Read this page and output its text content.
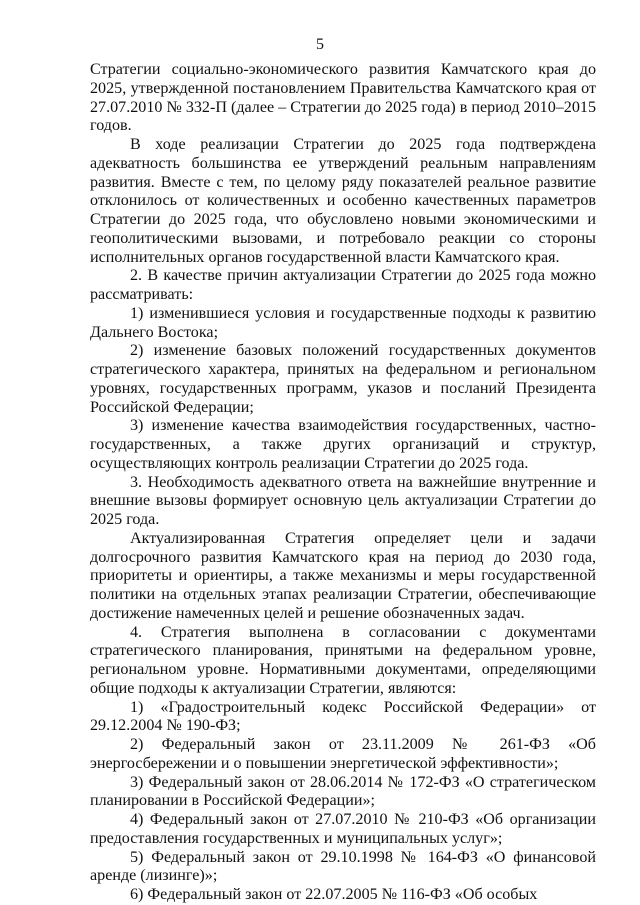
5

Стратегии социально-экономического развития Камчатского края до 2025, утвержденной постановлением Правительства Камчатского края от 27.07.2010 № 332-П (далее – Стратегии до 2025 года) в период 2010–2015 годов.

В ходе реализации Стратегии до 2025 года подтверждена адекватность большинства ее утверждений реальным направлениям развития. Вместе с тем, по целому ряду показателей реальное развитие отклонилось от количественных и особенно качественных параметров Стратегии до 2025 года, что обусловлено новыми экономическими и геополитическими вызовами, и потребовало реакции со стороны исполнительных органов государственной власти Камчатского края.

2. В качестве причин актуализации Стратегии до 2025 года можно рассматривать:

1) изменившиеся условия и государственные подходы к развитию Дальнего Востока;

2) изменение базовых положений государственных документов стратегического характера, принятых на федеральном и региональном уровнях, государственных программ, указов и посланий Президента Российской Федерации;

3) изменение качества взаимодействия государственных, частно-государственных, а также других организаций и структур, осуществляющих контроль реализации Стратегии до 2025 года.

3. Необходимость адекватного ответа на важнейшие внутренние и внешние вызовы формирует основную цель актуализации Стратегии до 2025 года.

Актуализированная Стратегия определяет цели и задачи долгосрочного развития Камчатского края на период до 2030 года, приоритеты и ориентиры, а также механизмы и меры государственной политики на отдельных этапах реализации Стратегии, обеспечивающие достижение намеченных целей и решение обозначенных задач.

4. Стратегия выполнена в согласовании с документами стратегического планирования, принятыми на федеральном уровне, региональном уровне. Нормативными документами, определяющими общие подходы к актуализации Стратегии, являются:

1) «Градостроительный кодекс Российской Федерации» от 29.12.2004 № 190-ФЗ;

2) Федеральный закон от 23.11.2009 № 261-ФЗ «Об энергосбережении и о повышении энергетической эффективности»;

3) Федеральный закон от 28.06.2014 № 172-ФЗ «О стратегическом планировании в Российской Федерации»;

4) Федеральный закон от 27.07.2010 № 210-ФЗ «Об организации предоставления государственных и муниципальных услуг»;

5) Федеральный закон от 29.10.1998 № 164-ФЗ «О финансовой аренде (лизинге)»;

6) Федеральный закон от 22.07.2005 № 116-ФЗ «Об особых
